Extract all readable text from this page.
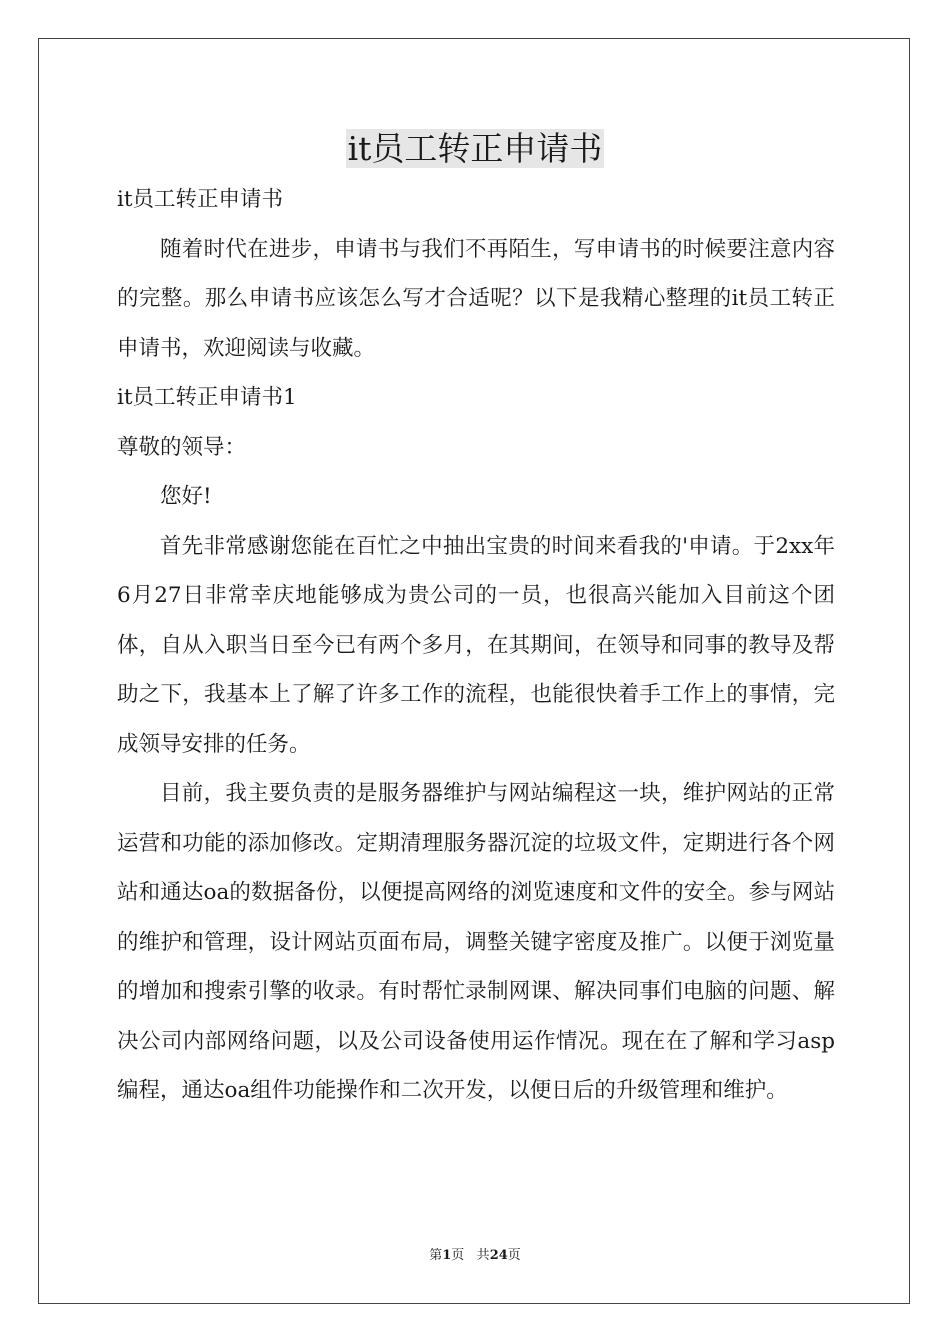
it员工转正申请书

it员工转正申请书

随着时代在进步，申请书与我们不再陌生，写申请书的时候要注意内容的完整。那么申请书应该怎么写才合适呢？以下是我精心整理的it员工转正申请书，欢迎阅读与收藏。

it员工转正申请书1

尊敬的领导：

您好!

首先非常感谢您能在百忙之中抽出宝贵的时间来看我的'申请。于2xx年6月27日非常幸庆地能够成为贵公司的一员，也很高兴能加入目前这个团体，自从入职当日至今已有两个多月，在其期间，在领导和同事的教导及帮助之下，我基本上了解了许多工作的流程，也能很快着手工作上的事情，完成领导安排的任务。

目前，我主要负责的是服务器维护与网站编程这一块，维护网站的正常运营和功能的添加修改。定期清理服务器沉淀的垃圾文件，定期进行各个网站和通达oa的数据备份，以便提高网络的浏览速度和文件的安全。参与网站的维护和管理，设计网站页面布局，调整关键字密度及推广。以便于浏览量的增加和搜索引擎的收录。有时帮忙录制网课、解决同事们电脑的问题、解决公司内部网络问题，以及公司设备使用运作情况。现在在了解和学习asp编程，通达oa组件功能操作和二次开发，以便日后的升级管理和维护。

第1页 共24页
